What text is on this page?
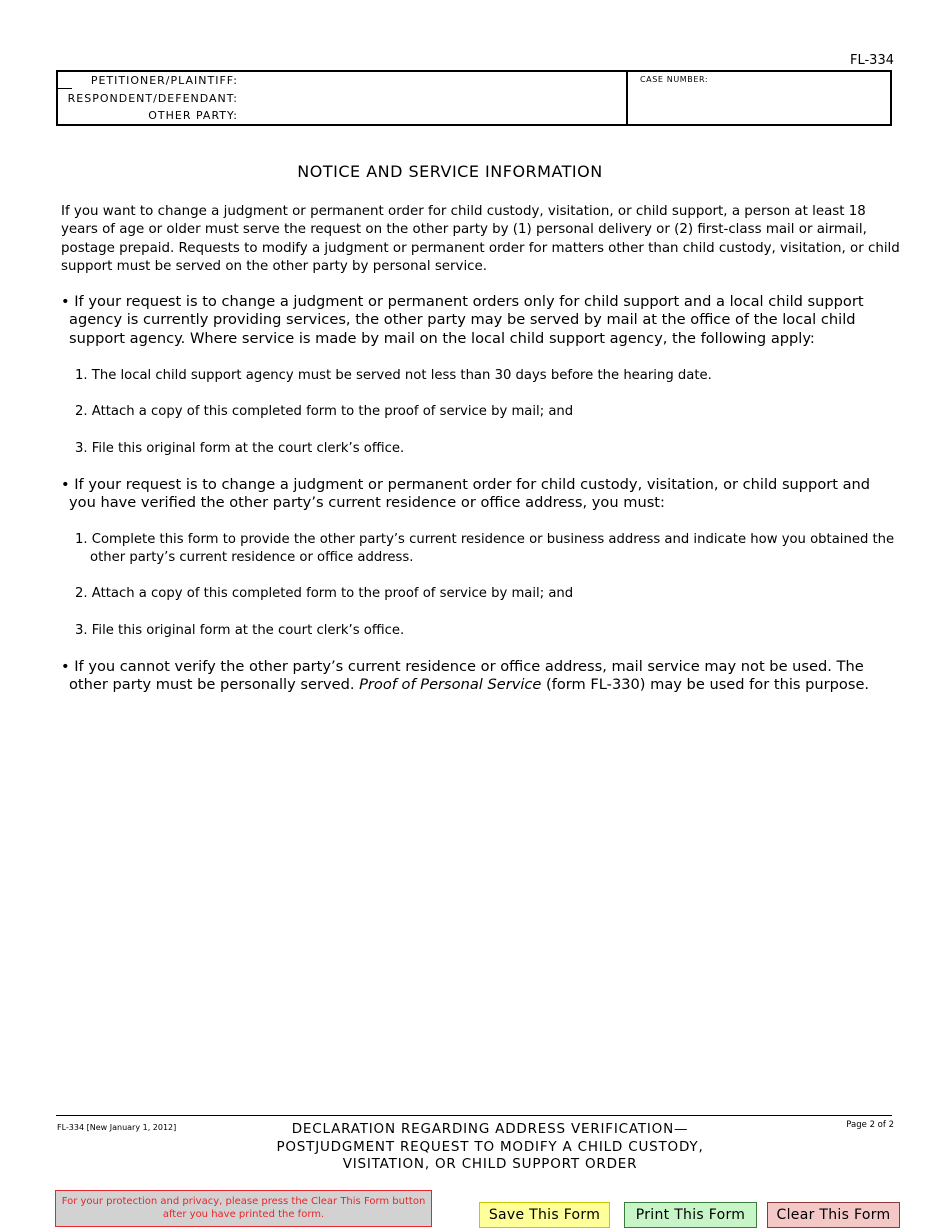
FL-334
PETITIONER/PLAINTIFF:
RESPONDENT/DEFENDANT:
OTHER PARTY:
CASE NUMBER:
NOTICE AND SERVICE INFORMATION
If you want to change a judgment or permanent order for child custody, visitation, or child support, a person at least 18 years of age or older must serve the request on the other party by (1) personal delivery or (2) first-class mail or airmail, postage prepaid. Requests to modify a judgment or permanent order for matters other than child custody, visitation, or child support must be served on the other party by personal service.
• If your request is to change a judgment or permanent orders only for child support and a local child support agency is currently providing services, the other party may be served by mail at the office of the local child support agency. Where service is made by mail on the local child support agency, the following apply:
1. The local child support agency must be served not less than 30 days before the hearing date.
2. Attach a copy of this completed form to the proof of service by mail; and
3. File this original form at the court clerk’s office.
• If your request is to change a judgment or permanent order for child custody, visitation, or child support and you have verified the other party’s current residence or office address, you must:
1. Complete this form to provide the other party’s current residence or business address and indicate how you obtained the other party’s current residence or office address.
2. Attach a copy of this completed form to the proof of service by mail; and
3. File this original form at the court clerk’s office.
• If you cannot verify the other party’s current residence or office address, mail service may not be used. The other party must be personally served. Proof of Personal Service (form FL-330) may be used for this purpose.
FL-334 [New January 1, 2012]	Page 2 of 2
DECLARATION REGARDING ADDRESS VERIFICATION—
POSTJUDGMENT REQUEST TO MODIFY A CHILD CUSTODY,
VISITATION, OR CHILD SUPPORT ORDER
For your protection and privacy, please press the Clear This Form button after you have printed the form.	Save This Form	Print This Form	Clear This Form
